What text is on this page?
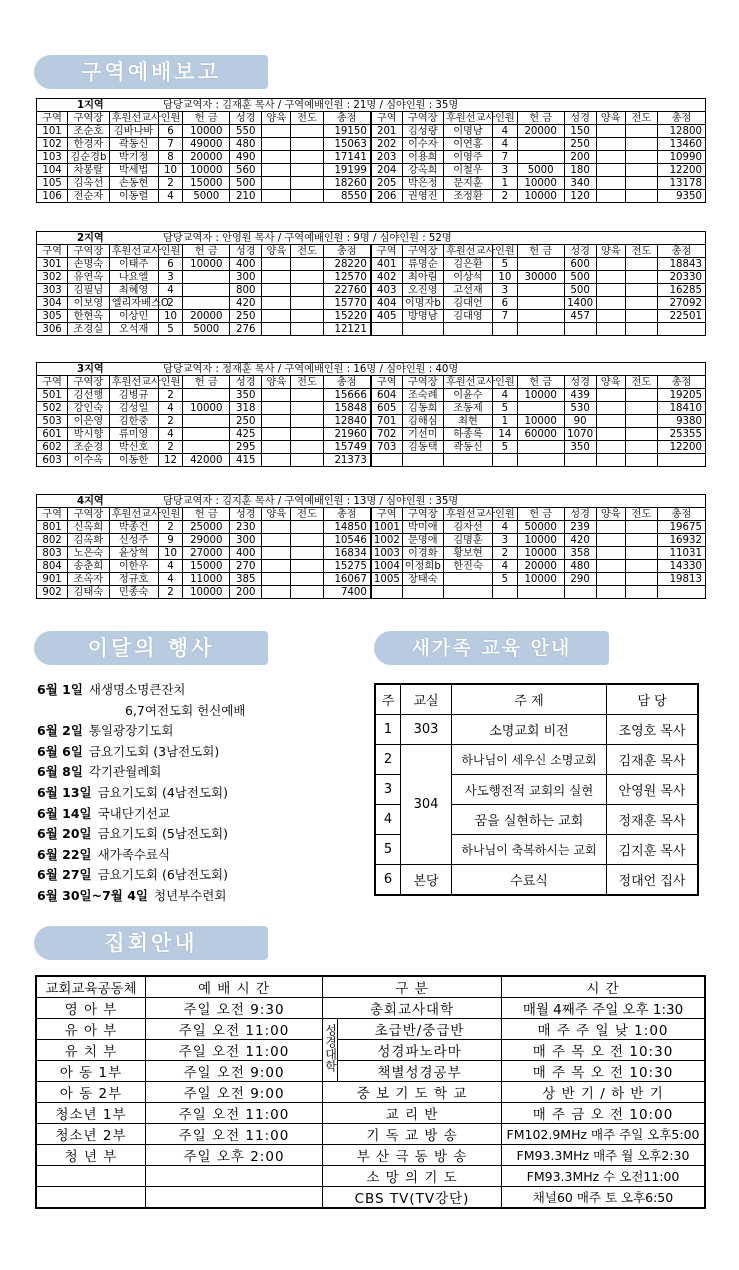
구역예배보고
이달의 행사	새가족 교육 안내
집회안내
1지역 담당교역자 : 김재훈 목사 / 구역예배인원 : 21명 / 심야인원 : 35명																	
구역	구역장	후원선교사	인원	헌 금	성경	양육	전도	총점	구역	구역장	후원선교사	인원	헌 금	성경	양육	전도	총점
101	조순호	김바나바	6	10000	550			19150	201	김성량	이명남	4	20000	150			12800
102	한경자	곽동신	7	49000	480			15063	202	이수자	이연홍	4		250			13460
103	김순경b	박기정	8	20000	490			17141	203	이용희	이영주	7		200			10990
104	차봉랄	박세법	10	10000	560			19199	204	강옥희	이철우	3	5000	180			12200
105	김옥선	손동현	2	15000	500			18260	205	박은정	문지훈	1	10000	340			13178
106	전순자	이동렬	4	5000	210			8550	206	권영진	조정환	2	10000	120			9350
2지역 담당교역자 : 안영원 목사 / 구역예배인원 : 9명 / 심야인원 : 52명																	
구역	구역장	후원선교사	인원	헌 금	성경	양육	전도	총점	구역	구역장	후원선교사	인원	헌 금	성경	양육	전도	총점
301	손명숙	이태주	6	10000	400			28220	401	류명순	김은환	5		600			18843
302	유연옥	나요엘	3		300			12570	402	최아림	이상석	10	30000	500			20330
303	김필님	최혜영	4		800			22760	403	오진영	고선재	3		500			16285
304	이보영	엘리자베스O	2		420			15770	404	이명자b	김대언	6		1400			27092
305	한현옥	이상민	10	20000	250			15220	405	방명남	김대영	7		457			22501
306	조경실	오석재	5	5000	276			12121									
3지역 담당교역자 : 정재훈 목사 / 구역예배인원 : 16명 / 심야인원 : 40명																	
구역	구역장	후원선교사	인원	헌 금	성경	양육	전도	총점	구역	구역장	후원선교사	인원	헌 금	성경	양육	전도	총점
501	김선행	김병규	2		350			15666	604	조숙례	이윤수	4	10000	439			19205
502	강인숙	김성일	4	10000	318			15848	605	김동희	조동제	5		530			18410
503	이은영	김한중	2		250			12840	701	김해심	최현	1	10000	90			9380
601	박시향	류미영	4		425			21960	702	기선미	하종록	14	60000	1070			25355
602	조순경	박신호	2		295			15749	703	김동택	곽동신	5		350			12200
603	이수옥	이동한	12	42000	415			21373									
4지역 담당교역자 : 김지훈 목사 / 구역예배인원 : 13명 / 심야인원 : 35명																	
구역	구역장	후원선교사	인원	헌 금	성경	양육	전도	총점	구역	구역장	후원선교사	인원	헌 금	성경	양육	전도	총점
801	신옥희	박종건	2	25000	230			14850	1001	박미애	김자선	4	50000	239			19675
802	김옥화	신성주	9	29000	300			10546	1002	문명애	김명훈	3	10000	420			16932
803	노은숙	윤상혁	10	27000	400			16834	1003	이경화	황보현	2	10000	358			11031
804	송춘희	이한우	4	15000	270			15275	1004	이정희b	한진숙	4	20000	480			14330
901	조옥자	정규호	4	11000	385			16067	1005	장태숙		5	10000	290			19813
902	김태숙	민종숙	2	10000	200			7400									
6월 1일 새생명소명큰잔치
6,7여전도회 헌신예배
6월 2일 통일광장기도회
6월 6일 금요기도회 (3남전도회)
6월 8일 각기관월례회
6월 13일 금요기도회 (4남전도회)
6월 14일 국내단기선교
6월 20일 금요기도회 (5남전도회)
6월 22일 새가족수료식
6월 27일 금요기도회 (6남전도회)
6월 30일~7월 4일 청년부수련회
주	교실	주 제	담 당
1	303	소명교회 비전	조영호 목사
2	304	하나님이 세우신 소명교회	김재훈 목사
3		사도행전적 교회의 실현	안영원 목사
4		꿈을 실현하는 교회	정재훈 목사
5		하나님이 축복하시는 교회	김지훈 목사
6	본당	수료식	정대언 집사
교회교육공동체	예 배 시 간	구 분		시 간
영 아 부	주일 오전 9:30	총회교사대학		매월 4째주 주일 오후 1:30
유 아 부	주일 오전 11:00	성경대학	초급반/중급반	매 주 주 일 낮 1:00
유 치 부	주일 오전 11:00		성경파노라마	매 주 목 오 전 10:30
아 동 1부	주일 오전 9:00		책별성경공부	매 주 목 오 전 10:30
아 동 2부	주일 오전 9:00	중 보 기 도 학 교		상 반 기 / 하 반 기
청소년 1부	주일 오전 11:00	교 리 반		매 주 금 오 전 10:00
청소년 2부	주일 오전 11:00	기 독 교 방 송		FM102.9MHz 매주 주일 오후5:00
청 년 부	주일 오후 2:00	부 산 극 동 방 송		FM93.3MHz 매주 월 오후2:30
		소 망 의 기 도		FM93.3MHz 수 오전11:00
		CBS TV(TV강단)		채널60 매주 토 오후6:50
